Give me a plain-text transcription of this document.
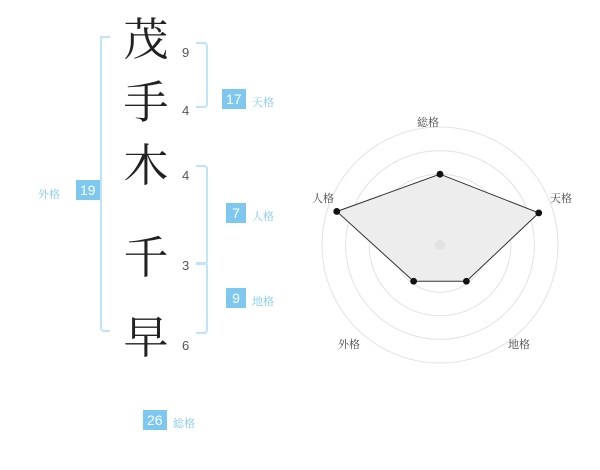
茂
手
木
千
早
9
4
4
3
6
17 天格
7	人格
9	地格
外格 19
26 総格
総格
天格
地格
外格
人格
